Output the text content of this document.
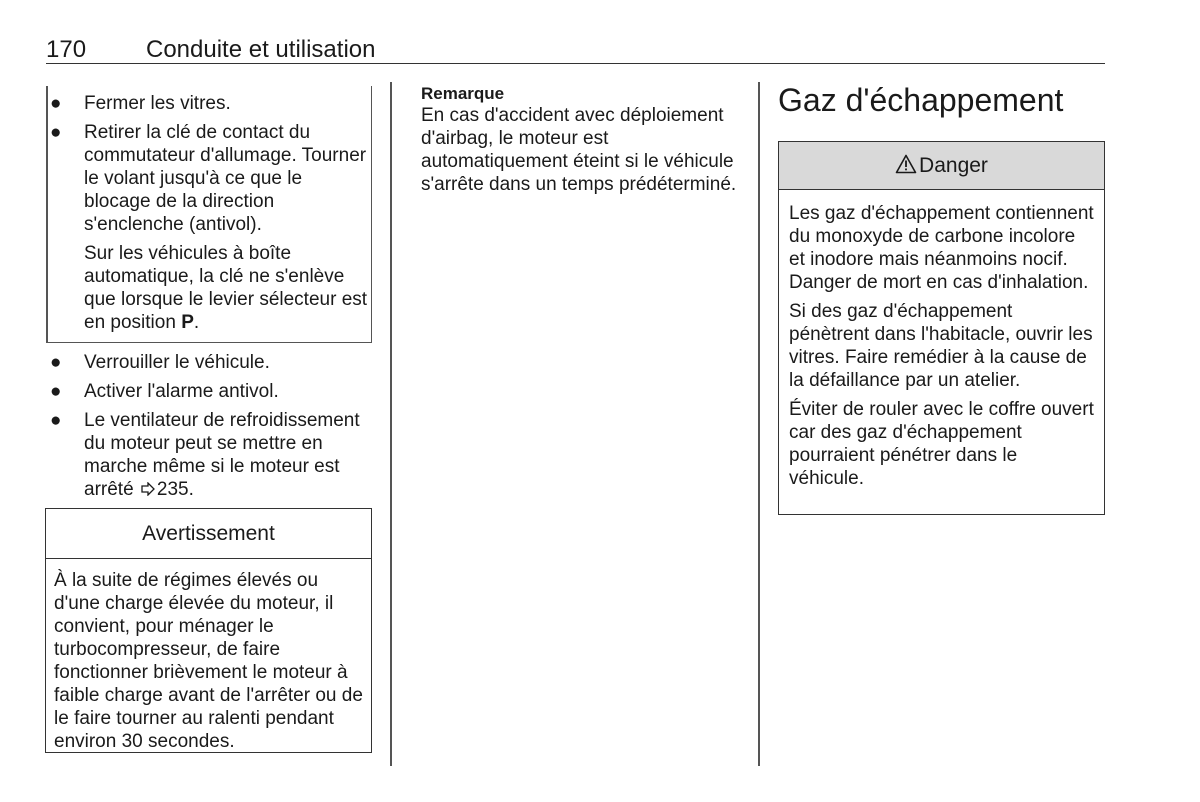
170 Conduite et utilisation
● Fermer les vitres.
● Retirer la clé de contact du commutateur d'allumage. Tourner le volant jusqu'à ce que le blocage de la direction s'enclenche (antivol).
Sur les véhicules à boîte automatique, la clé ne s'enlève que lorsque le levier sélecteur est en position P.
● Verrouiller le véhicule.
● Activer l'alarme antivol.
● Le ventilateur de refroidissement du moteur peut se mettre en marche même si le moteur est arrêté 235.
Avertissement
À la suite de régimes élevés ou d'une charge élevée du moteur, il convient, pour ménager le turbocompresseur, de faire fonctionner brièvement le moteur à faible charge avant de l'arrêter ou de le faire tourner au ralenti pendant environ 30 secondes.
Remarque
En cas d'accident avec déploiement d'airbag, le moteur est automatiquement éteint si le véhicule s'arrête dans un temps prédéterminé.
Gaz d'échappement
Danger
Les gaz d'échappement contiennent du monoxyde de carbone incolore et inodore mais néanmoins nocif. Danger de mort en cas d'inhalation.
Si des gaz d'échappement pénètrent dans l'habitacle, ouvrir les vitres. Faire remédier à la cause de la défaillance par un atelier.
Éviter de rouler avec le coffre ouvert car des gaz d'échappement pourraient pénétrer dans le véhicule.
